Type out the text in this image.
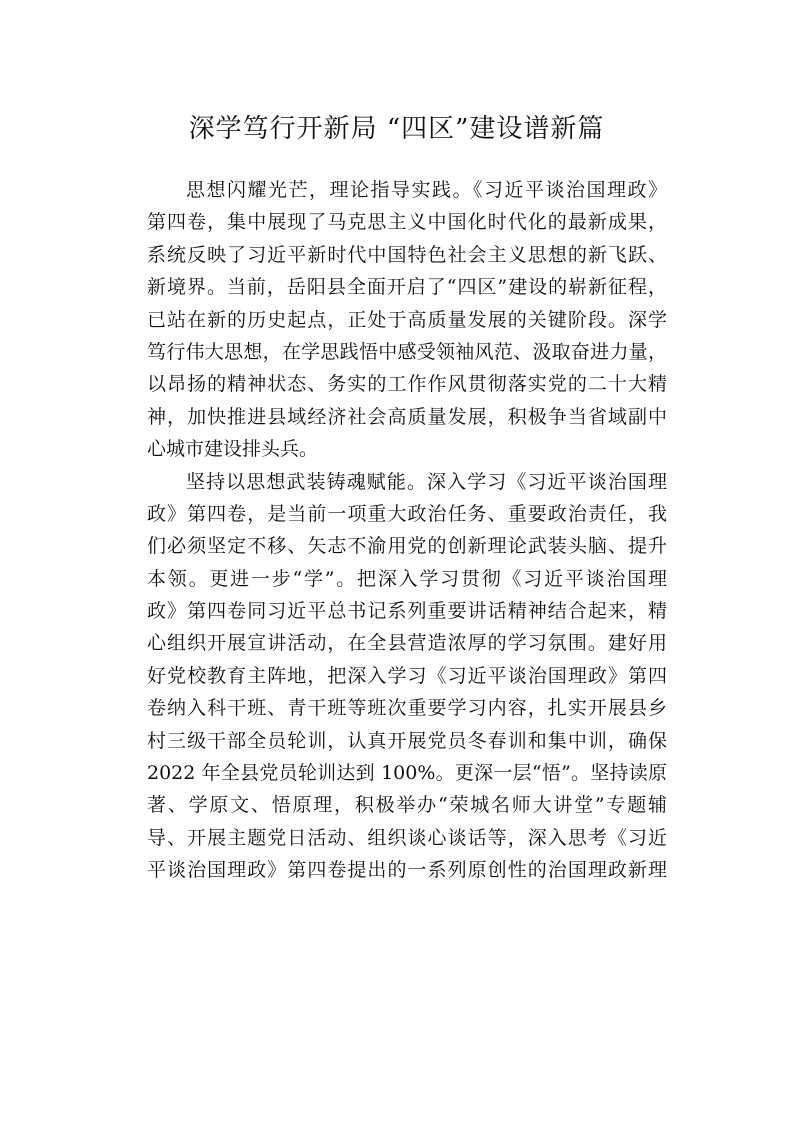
深学笃行开新局 “四区”建设谱新篇
思想闪耀光芒，理论指导实践。《习近平谈治国理政》
第四卷，集中展现了马克思主义中国化时代化的最新成果，
系统反映了习近平新时代中国特色社会主义思想的新飞跃、
新境界。当前，岳阳县全面开启了“四区”建设的崭新征程，
已站在新的历史起点，正处于高质量发展的关键阶段。深学
笃行伟大思想，在学思践悟中感受领袖风范、汲取奋进力量，
以昂扬的精神状态、务实的工作作风贯彻落实党的二十大精
神，加快推进县域经济社会高质量发展，积极争当省域副中
心城市建设排头兵。
坚持以思想武装铸魂赋能。深入学习《习近平谈治国理
政》第四卷，是当前一项重大政治任务、重要政治责任，我
们必须坚定不移、矢志不渝用党的创新理论武装头脑、提升
本领。更进一步“学”。把深入学习贯彻《习近平谈治国理
政》第四卷同习近平总书记系列重要讲话精神结合起来，精
心组织开展宣讲活动，在全县营造浓厚的学习氛围。建好用
好党校教育主阵地，把深入学习《习近平谈治国理政》第四
卷纳入科干班、青干班等班次重要学习内容，扎实开展县乡
村三级干部全员轮训，认真开展党员冬春训和集中训，确保
2022 年全县党员轮训达到 100%。更深一层“悟”。坚持读原
著、学原文、悟原理，积极举办“荣城名师大讲堂”专题辅
导、开展主题党日活动、组织谈心谈话等，深入思考《习近
平谈治国理政》第四卷提出的一系列原创性的治国理政新理
